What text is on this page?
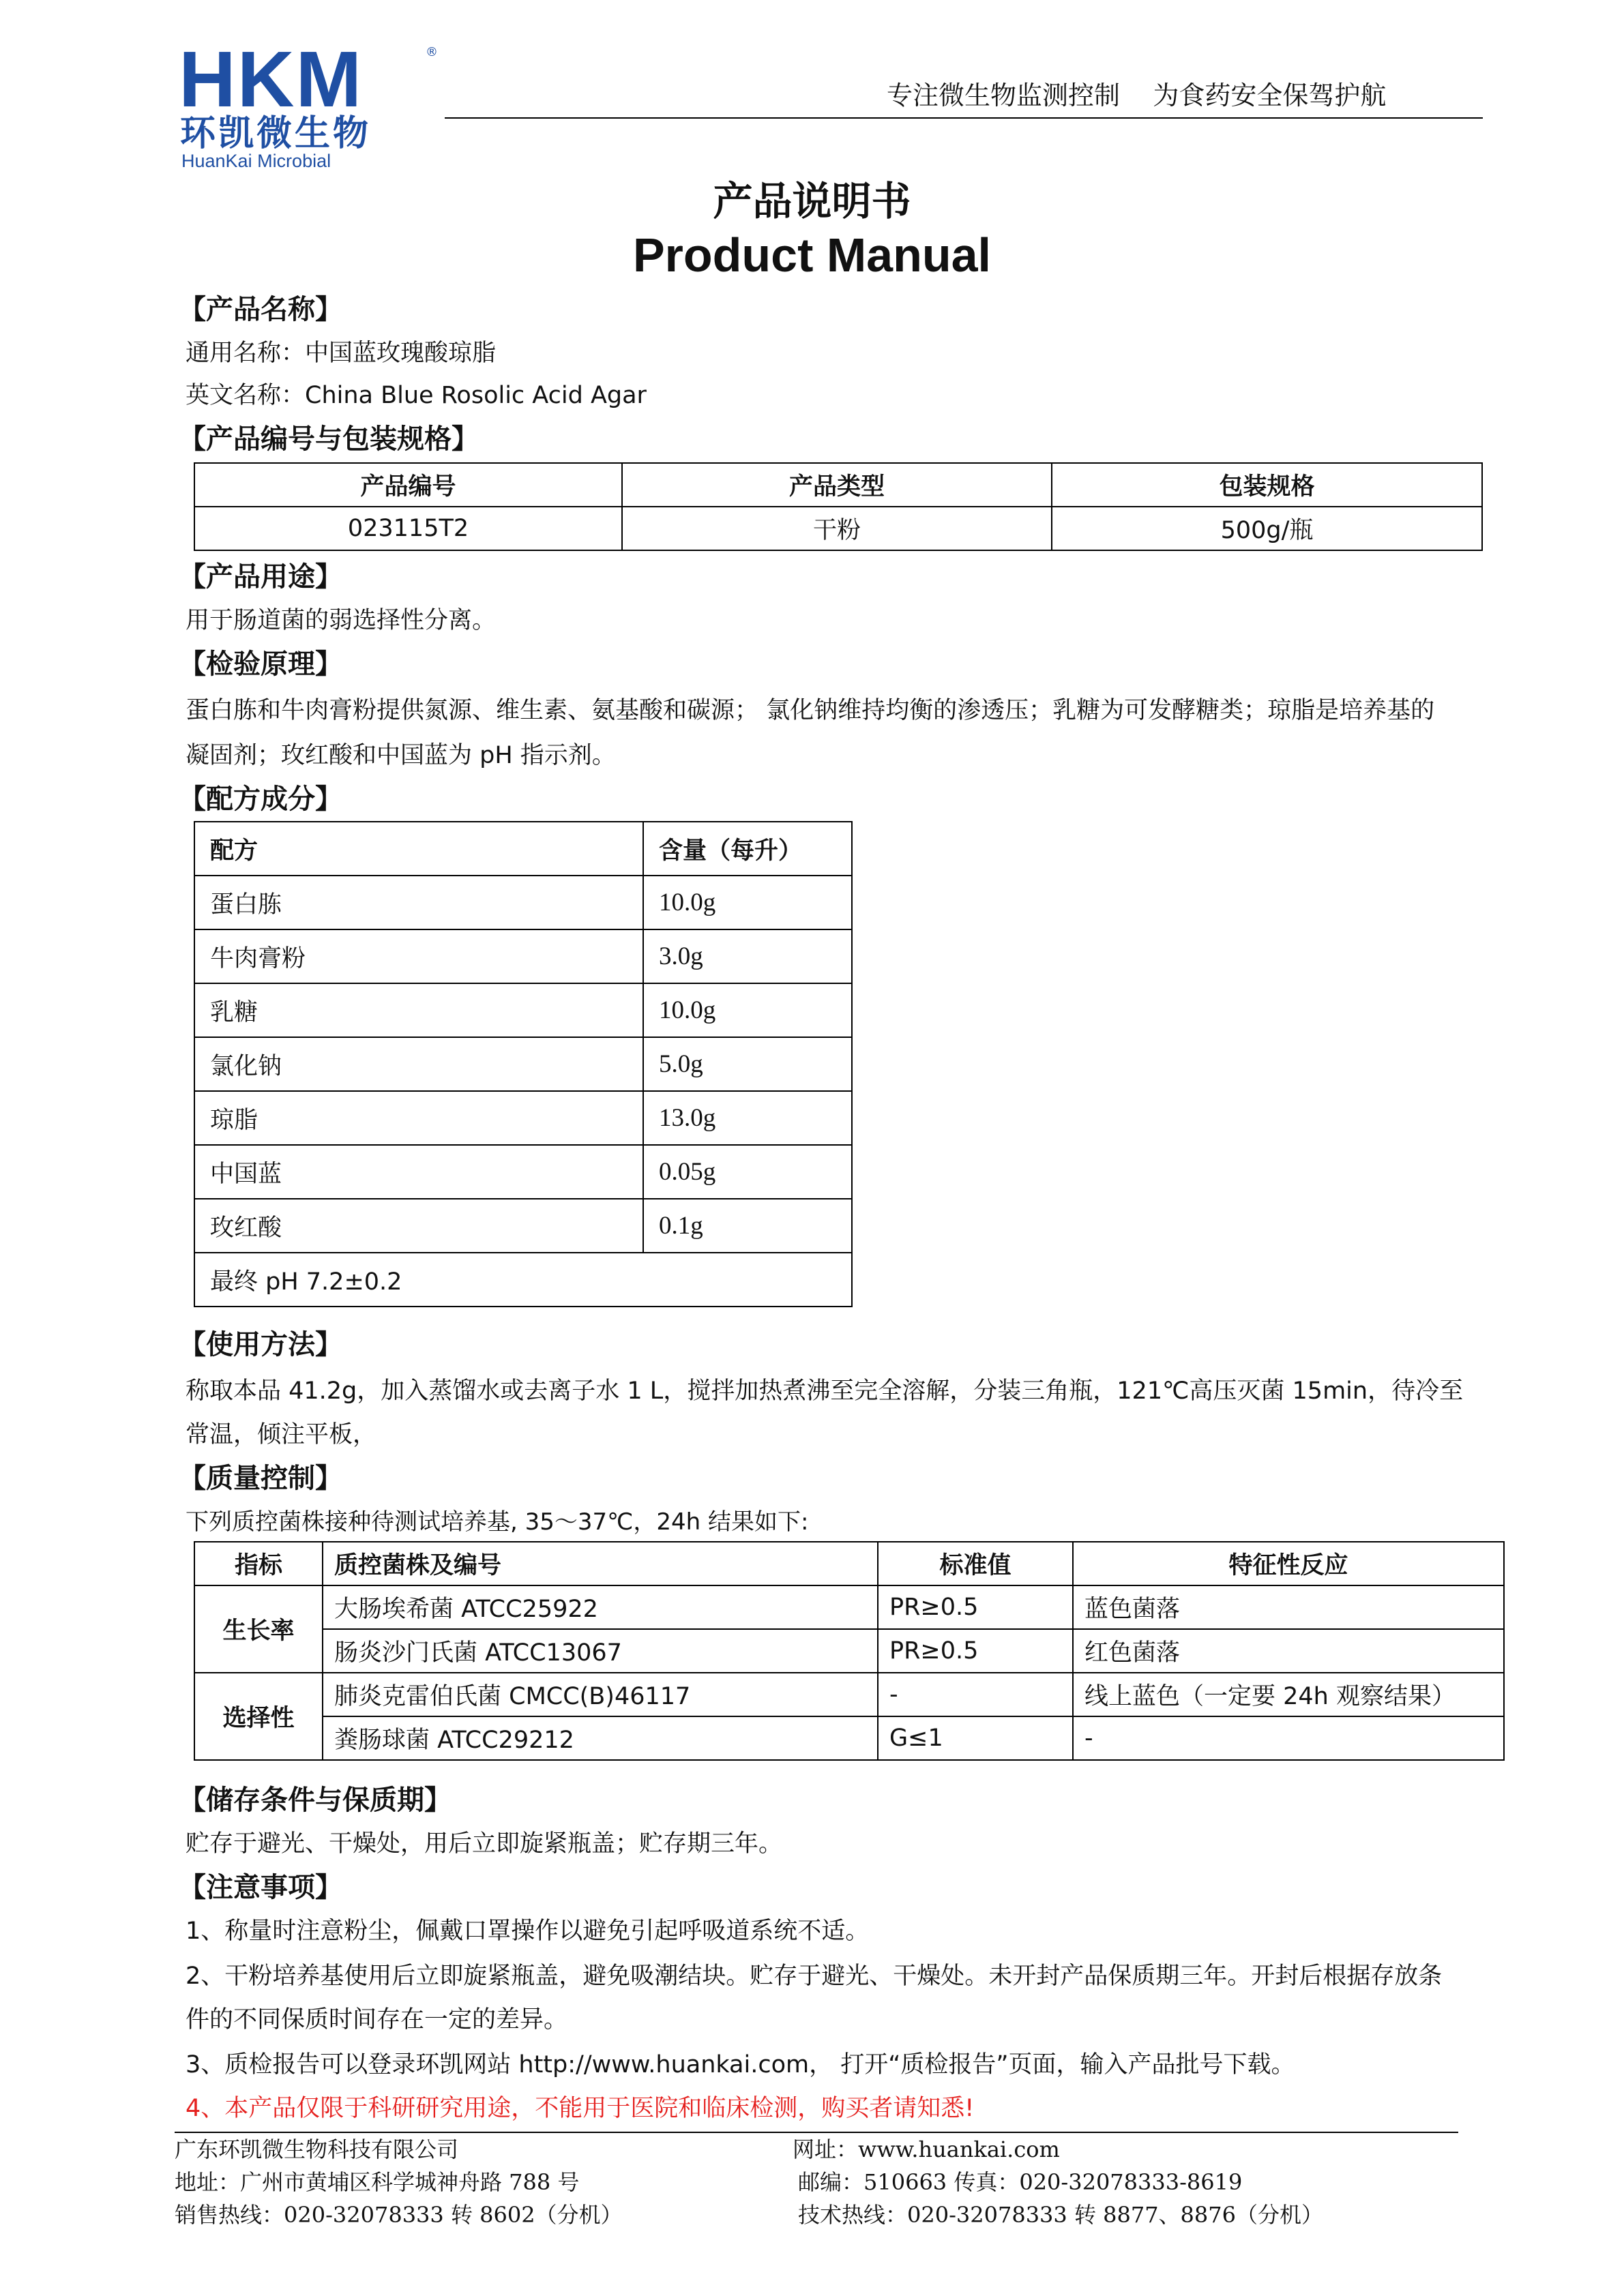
HKM	®
环凯微生物
HuanKai Microbial
专注微生物监测控制    为食药安全保驾护航
产品说明书
Product Manual
【产品名称】
通用名称：中国蓝玫瑰酸琼脂
英文名称：China Blue Rosolic Acid Agar
【产品编号与包装规格】
产品编号	产品类型	包装规格
023115T2	干粉	500g/瓶
【产品用途】
用于肠道菌的弱选择性分离。
【检验原理】
蛋白胨和牛肉膏粉提供氮源、维生素、氨基酸和碳源； 氯化钠维持均衡的渗透压；乳糖为可发酵糖类；琼脂是培养基的
凝固剂；玫红酸和中国蓝为 pH 指示剂。
【配方成分】
配方	含量（每升）
蛋白胨	10.0g
牛肉膏粉	3.0g
乳糖	10.0g
氯化钠	5.0g
琼脂	13.0g
中国蓝	0.05g
玫红酸	0.1g
最终 pH 7.2±0.2	
【使用方法】
称取本品 41.2g，加入蒸馏水或去离子水 1 L，搅拌加热煮沸至完全溶解，分装三角瓶，121℃高压灭菌 15min，待冷至
常温，倾注平板，
【质量控制】
下列质控菌株接种待测试培养基, 35～37℃，24h 结果如下:
指标	质控菌株及编号	标准值	特征性反应
生长率	大肠埃希菌 ATCC25922	PR≥0.5	蓝色菌落
	肠炎沙门氏菌 ATCC13067	PR≥0.5	红色菌落
选择性	肺炎克雷伯氏菌 CMCC(B)46117	-	线上蓝色（一定要 24h 观察结果）
	粪肠球菌 ATCC29212	G≤1	-
【储存条件与保质期】
贮存于避光、干燥处，用后立即旋紧瓶盖；贮存期三年。
【注意事项】
1、称量时注意粉尘，佩戴口罩操作以避免引起呼吸道系统不适。
2、干粉培养基使用后立即旋紧瓶盖，避免吸潮结块。贮存于避光、干燥处。未开封产品保质期三年。开封后根据存放条
件的不同保质时间存在一定的差异。
3、质检报告可以登录环凯网站 http://www.huankai.com， 打开“质检报告”页面，输入产品批号下载。
4、本产品仅限于科研研究用途，不能用于医院和临床检测，购买者请知悉!
广东环凯微生物科技有限公司	网址：www.huankai.com
地址：广州市黄埔区科学城神舟路 788 号	邮编：510663 传真：020-32078333-8619
销售热线：020-32078333 转 8602（分机）	技术热线：020-32078333 转 8877、8876（分机）
